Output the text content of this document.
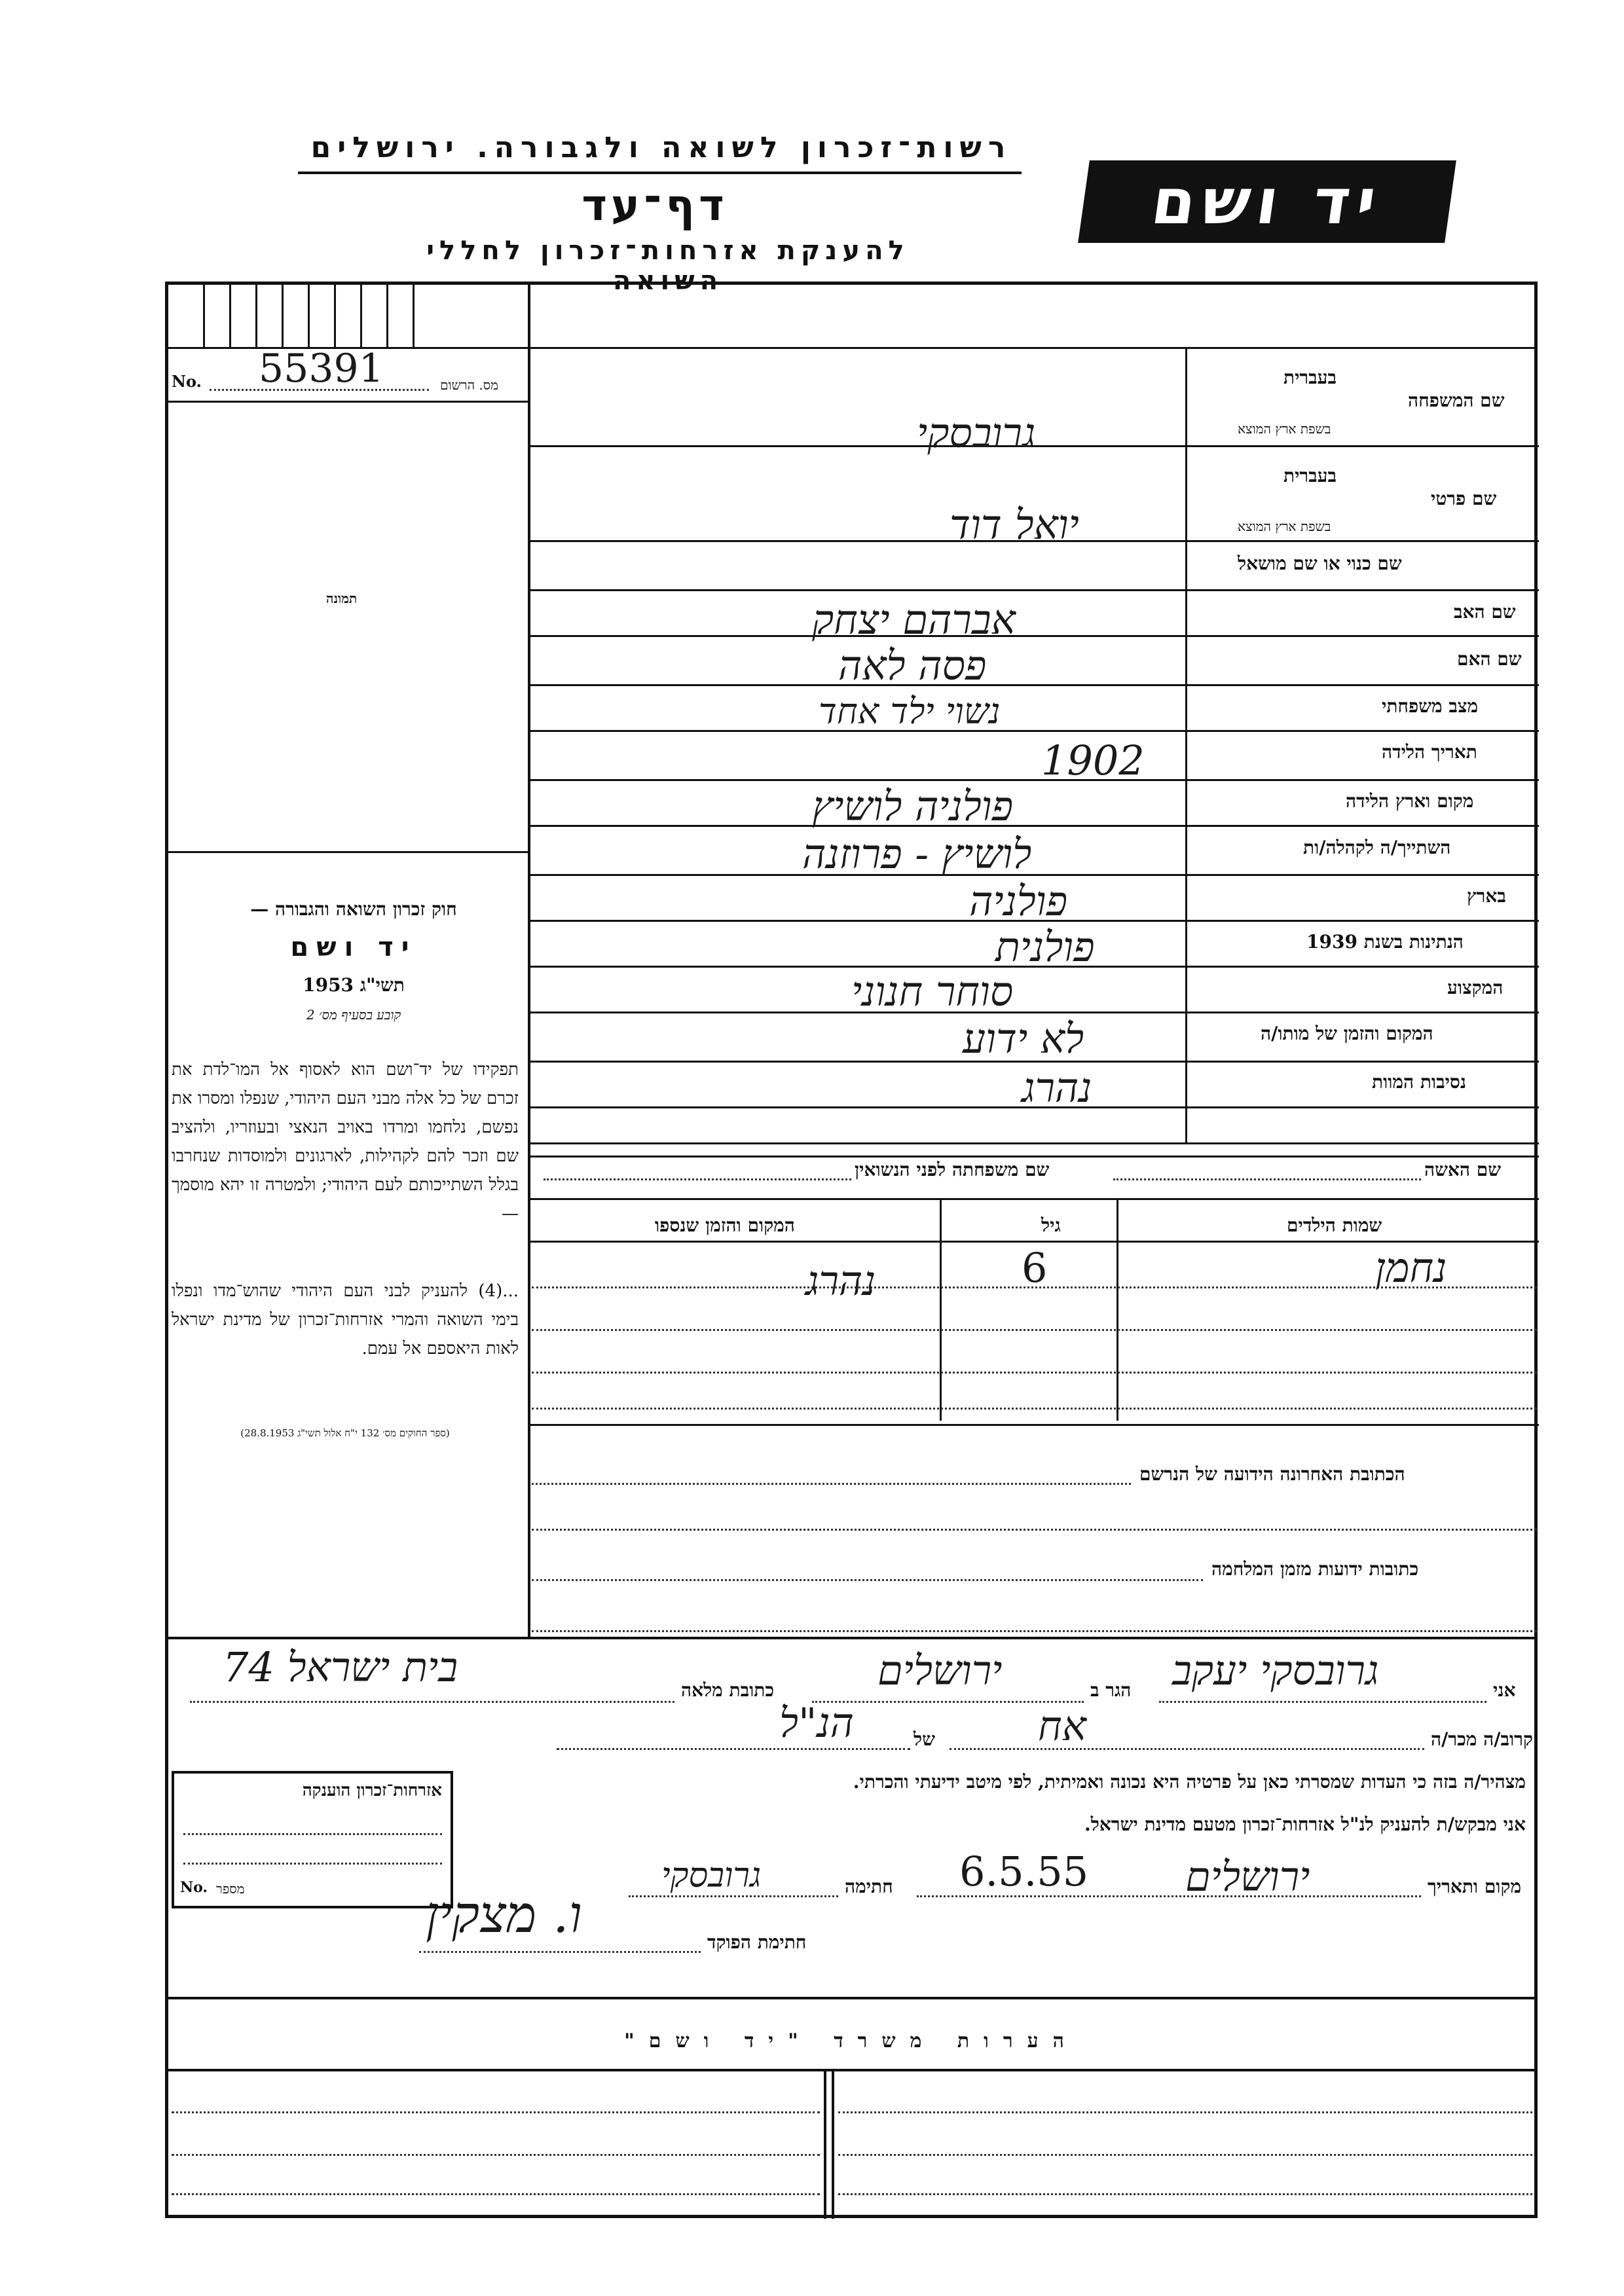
רשות־זכרון לשואה ולגבורה. ירושלים
דף־עד
להענקת אזרחות־זכרון לחללי השואה
יד ושם
No. 55391	מס. הרשום
תמונה
חוק זכרון השואה והגבורה —
יד ושם
תשי"ג 1953
קובע בסעיף מס׳ 2
תפקידו של יד־ושם הוא לאסוף אל המו־לדת את זכרם של כל אלה מבני העם היהודי, שנפלו ומסרו את נפשם, נלחמו ומרדו באויב הנאצי ובעוזריו, ולהציב שם וזכר להם לקהילות, לארגונים ולמוסדות שנחרבו בגלל השתייכותם לעם היהודי; ולמטרה זו יהא מוסמך —
...(4) להעניק לבני העם היהודי שהוש־מדו ונפלו בימי השואה והמרי אזרחות־זכרון של מדינת ישראל לאות היאספם אל עמם.
(ספר החוקים מס׳ 132 י"ח אלול תשי"ג 28.8.1953)
בעברית
שם המשפחה
בשפת ארץ המוצא
גרובסקי
בעברית
שם פרטי
בשפת ארץ המוצא
יואל דוד
שם כנוי או שם מושאל
שם האב
אברהם יצחק
שם האם
פסה לאה
מצב משפחתי
נשוי ילד אחד
תאריך הלידה
1902
מקום וארץ הלידה
פולניה לושיץ
השתייך/ה לקהלה/ות
לושיץ - פרוזנה
בארץ
פולניה
הנתינות בשנת 1939
פולנית
המקצוע
סוחר חנוני
המקום והזמן של מותו/ה
לא ידוע
נסיבות המוות
נהרג
שם האשה
שם משפחתה לפני הנשואין
שמות הילדים
גיל
המקום והזמן שנספו
נחמן
6
נהרג
הכתובת האחרונה הידועה של הנרשם
כתובות ידועות מזמן המלחמה
אני
גרובסקי יעקב
הגר ב
ירושלים
כתובת מלאה
בית ישראל 74
קרוב/ה מכר/ה
אח
של
הנ"ל
מצהיר/ה בזה כי העדות שמסרתי כאן על פרטיה היא נכונה ואמיתית, לפי מיטב ידיעתי והכרתי.
אני מבקש/ת להעניק לנ"ל אזרחות־זכרון מטעם מדינת ישראל.
מקום ותאריך
ירושלים
6.5.55
חתימה
גרובסקי
ו. מצקין	חתימת הפוקד
אזרחות־זכרון הוענקה
No. מספר
הערות משרד "יד ושם"
